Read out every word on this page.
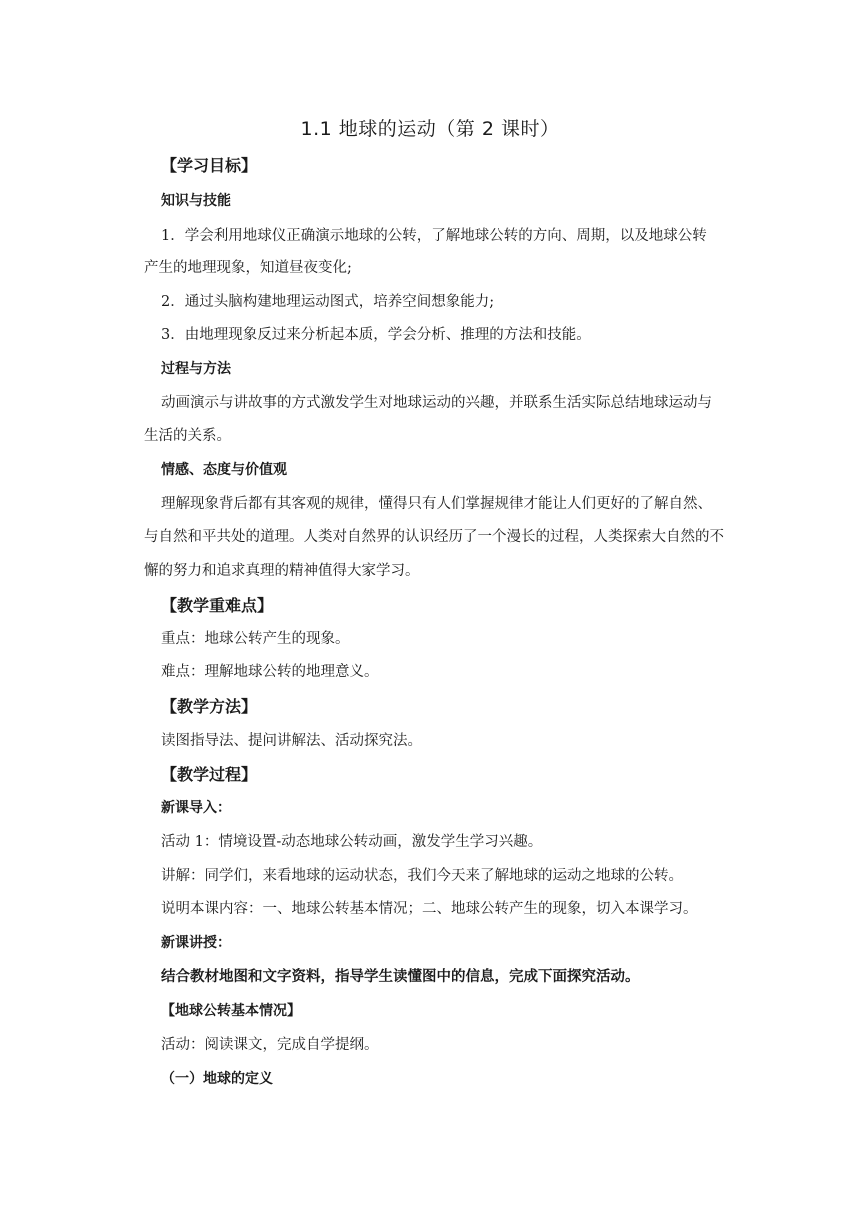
1.1 地球的运动（第 2 课时）
【学习目标】
知识与技能
1．学会利用地球仪正确演示地球的公转，了解地球公转的方向、周期，以及地球公转
产生的地理现象，知道昼夜变化;
2．通过头脑构建地理运动图式，培养空间想象能力;
3．由地理现象反过来分析起本质，学会分析、推理的方法和技能。
过程与方法
动画演示与讲故事的方式激发学生对地球运动的兴趣，并联系生活实际总结地球运动与
生活的关系。
情感、态度与价值观
理解现象背后都有其客观的规律，懂得只有人们掌握规律才能让人们更好的了解自然、
与自然和平共处的道理。人类对自然界的认识经历了一个漫长的过程，人类探索大自然的不
懈的努力和追求真理的精神值得大家学习。
【教学重难点】
重点：地球公转产生的现象。
难点：理解地球公转的地理意义。
【教学方法】
读图指导法、提问讲解法、活动探究法。
【教学过程】
新课导入：
活动 1：情境设置-动态地球公转动画，激发学生学习兴趣。
讲解：同学们，来看地球的运动状态，我们今天来了解地球的运动之地球的公转。
说明本课内容：一、地球公转基本情况；二、地球公转产生的现象，切入本课学习。
新课讲授：
结合教材地图和文字资料，指导学生读懂图中的信息，完成下面探究活动。
【地球公转基本情况】
活动：阅读课文，完成自学提纲。
（一）地球的定义
